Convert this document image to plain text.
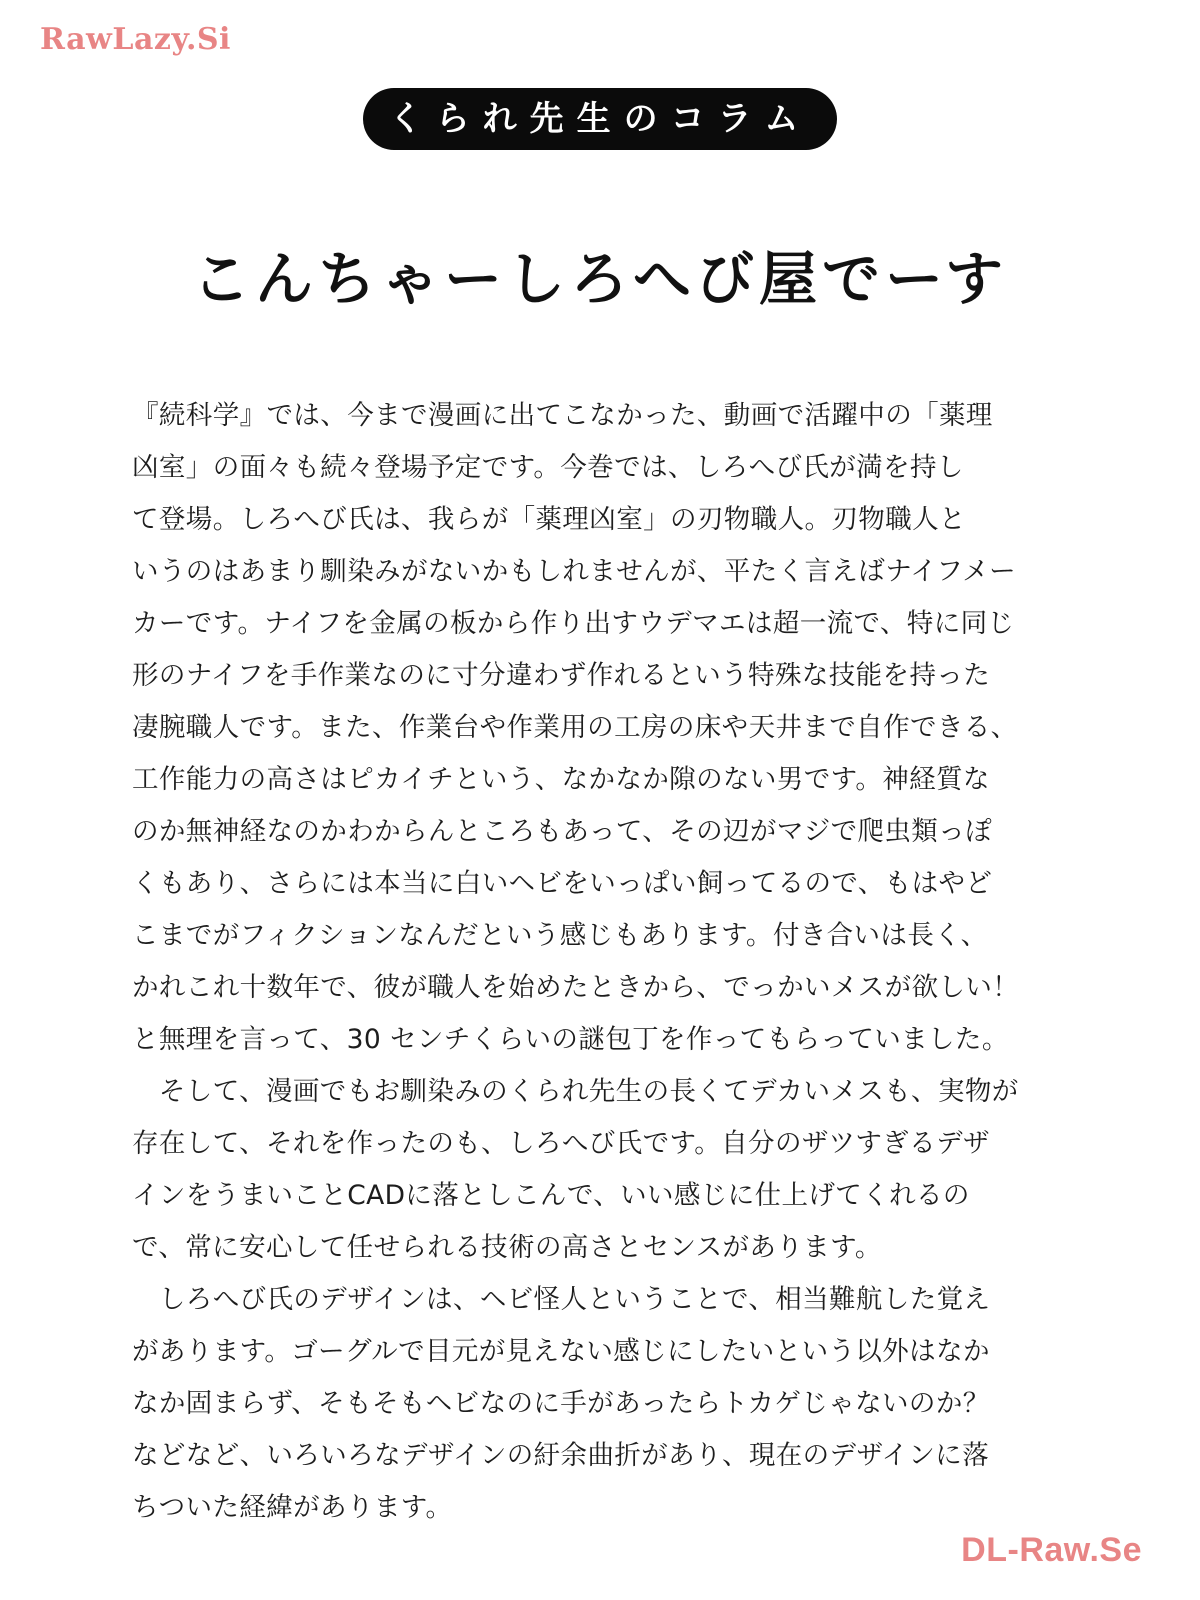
RawLazy.Si
くられ先生のコラム
こんちゃーしろへび屋でーす
『続科学』では、今まで漫画に出てこなかった、動画で活躍中の「薬理
凶室」の面々も続々登場予定です。今巻では、しろへび氏が満を持し
て登場。しろへび氏は、我らが「薬理凶室」の刃物職人。刃物職人と
いうのはあまり馴染みがないかもしれませんが、平たく言えばナイフメー
カーです。ナイフを金属の板から作り出すウデマエは超一流で、特に同じ
形のナイフを手作業なのに寸分違わず作れるという特殊な技能を持った
凄腕職人です。また、作業台や作業用の工房の床や天井まで自作できる、
工作能力の高さはピカイチという、なかなか隙のない男です。神経質な
のか無神経なのかわからんところもあって、その辺がマジで爬虫類っぽ
くもあり、さらには本当に白いヘビをいっぱい飼ってるので、もはやど
こまでがフィクションなんだという感じもあります。付き合いは長く、
かれこれ十数年で、彼が職人を始めたときから、でっかいメスが欲しい！
と無理を言って、30 センチくらいの謎包丁を作ってもらっていました。
　そして、漫画でもお馴染みのくられ先生の長くてデカいメスも、実物が
存在して、それを作ったのも、しろへび氏です。自分のザツすぎるデザ
インをうまいことCADに落としこんで、いい感じに仕上げてくれるの
で、常に安心して任せられる技術の高さとセンスがあります。
　しろへび氏のデザインは、ヘビ怪人ということで、相当難航した覚え
があります。ゴーグルで目元が見えない感じにしたいという以外はなか
なか固まらず、そもそもヘビなのに手があったらトカゲじゃないのか？
などなど、いろいろなデザインの紆余曲折があり、現在のデザインに落
ちついた経緯があります。
DL-Raw.Se
